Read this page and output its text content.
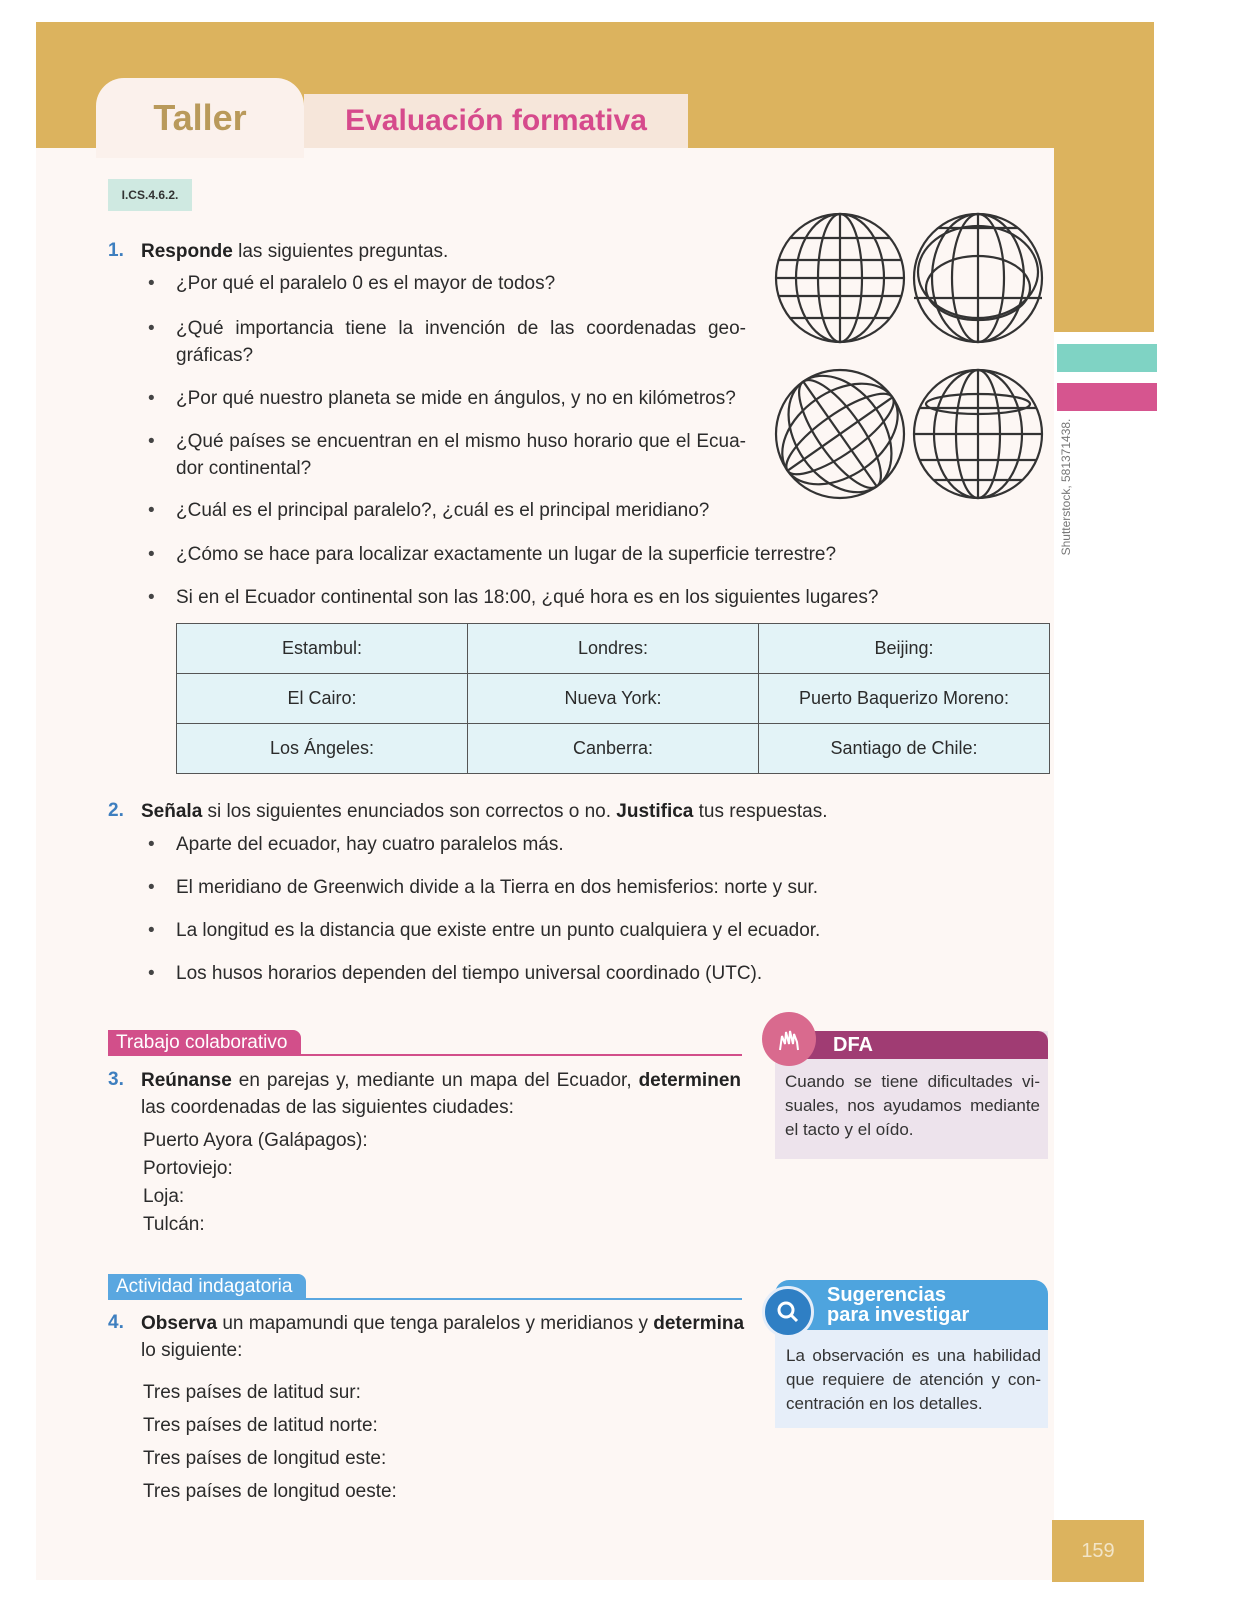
Taller	Evaluación formativa
I.CS.4.6.2.
Shutterstock, 581371438.
1. Responde las siguientes preguntas.
• ¿Por qué el paralelo 0 es el mayor de todos?
• ¿Qué importancia tiene la invención de las coordenadas geo-gráficas?
• ¿Por qué nuestro planeta se mide en ángulos, y no en kilómetros?
• ¿Qué países se encuentran en el mismo huso horario que el Ecua-dor continental?
• ¿Cuál es el principal paralelo?, ¿cuál es el principal meridiano?
• ¿Cómo se hace para localizar exactamente un lugar de la superficie terrestre?
• Si en el Ecuador continental son las 18:00, ¿qué hora es en los siguientes lugares?
Estambul:	Londres:	Beijing:
El Cairo:	Nueva York:	Puerto Baquerizo Moreno:
Los Ángeles:	Canberra:	Santiago de Chile:
2. Señala si los siguientes enunciados son correctos o no. Justifica tus respuestas.
• Aparte del ecuador, hay cuatro paralelos más.
• El meridiano de Greenwich divide a la Tierra en dos hemisferios: norte y sur.
• La longitud es la distancia que existe entre un punto cualquiera y el ecuador.
• Los husos horarios dependen del tiempo universal coordinado (UTC).
Trabajo colaborativo
3. Reúnanse en parejas y, mediante un mapa del Ecuador, determinen las coordenadas de las siguientes ciudades:
Puerto Ayora (Galápagos):
Portoviejo:
Loja:
Tulcán:
DFA
Cuando se tiene dificultades vi-suales, nos ayudamos mediante el tacto y el oído.
Actividad indagatoria
4. Observa un mapamundi que tenga paralelos y meridianos y determina lo siguiente:
Tres países de latitud sur:
Tres países de latitud norte:
Tres países de longitud este:
Tres países de longitud oeste:
Sugerencias
para investigar
La observación es una habilidad que requiere de atención y con-centración en los detalles.
159
